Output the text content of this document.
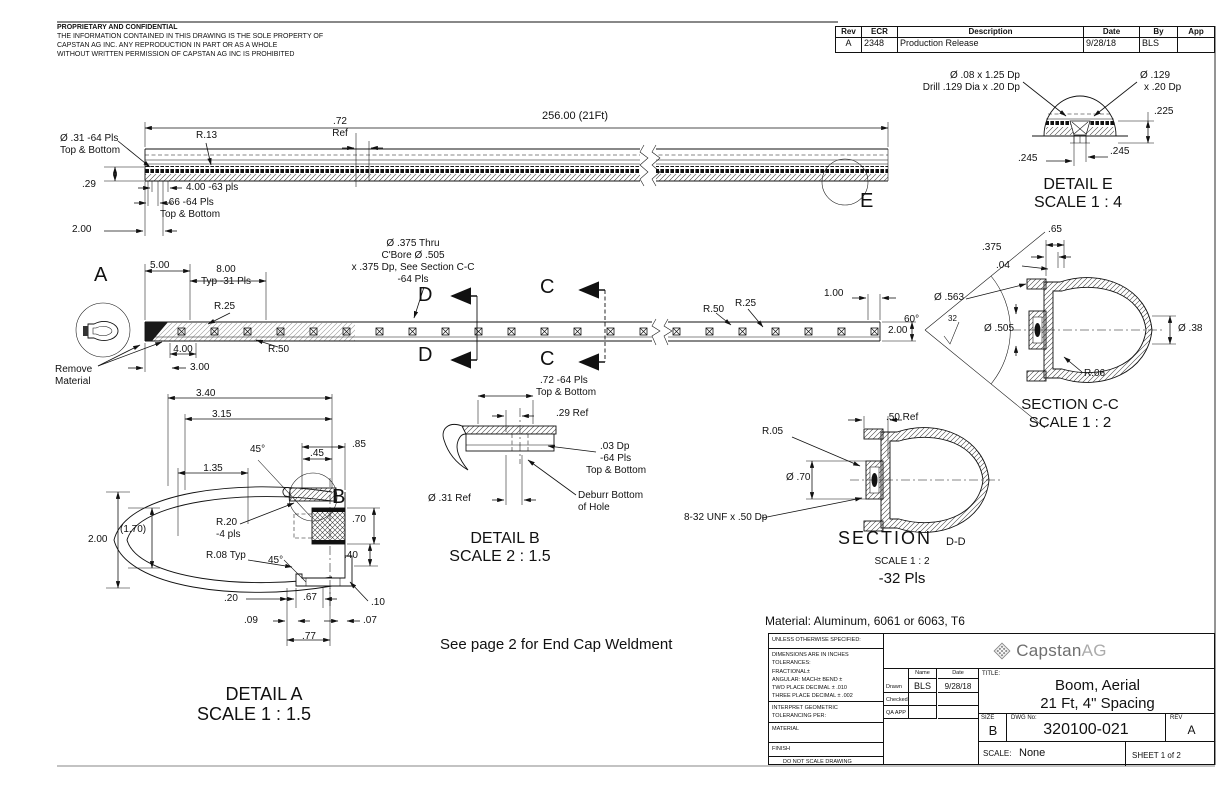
PROPRIETARY AND CONFIDENTIAL
THE INFORMATION CONTAINED IN THIS DRAWING IS THE SOLE PROPERTY OF
CAPSTAN AG INC. ANY REPRODUCTION IN PART OR AS A WHOLE
WITHOUT WRITTEN PERMISSION OF CAPSTAN AG INC IS PROHIBITED
Rev	ECR	Description	Date	By	App
A	2348	Production Release	9/28/18	BLS
256.00 (21Ft)
Ø .31 -64 Pls
Top & Bottom
R.13
.72
Ref
.29	4.00 -63 pls
.66 -64 Pls
Top & Bottom
2.00
E
A	5.00	8.00
Typ -31 Pls
R.25
R.50
4.00
3.00
Remove
Material
Ø .375 Thru
C'Bore Ø .505
x .375 Dp, See Section C-C
-64 Pls
D
D
C
C
R.50
R.25
1.00
2.00
.65
.375
.04
Ø .563
60°	32
Ø .505	Ø .38
R.06
SECTION C-C
SCALE 1 : 2
Ø .08 x 1.25 Dp
Drill .129 Dia x .20 Dp
Ø .129
x .20 Dp
.225
.245
.245
DETAIL E
SCALE 1 : 4
.72 -64 Pls
Top & Bottom
.29 Ref
.03 Dp
-64 Pls
Top & Bottom
Ø .31 Ref	Deburr Bottom
of Hole
DETAIL B
SCALE 2 : 1.5
.50 Ref
R.05
Ø .70
8-32 UNF x .50 Dp
SECTION D-D
SCALE 1 : 2
-32 Pls
3.40
3.15
45°	.85
.45
1.35
B
R.20
-4 pls
(1.70)
2.00
R.08 Typ 45°
.70
.40
.20	.67	.10
.09	.07
.77
DETAIL A
SCALE 1 : 1.5
See page 2 for End Cap Weldment
Material: Aluminum, 6061 or 6063, T6
UNLESS OTHERWISE SPECIFIED:
DIMENSIONS ARE IN INCHES
TOLERANCES:
FRACTIONAL±
ANGULAR: MACH± BEND ±
TWO PLACE DECIMAL ± .010
THREE PLACE DECIMAL ± .002
INTERPRET GEOMETRIC
TOLERANCING PER:
MATERIAL
FINISH
DO NOT SCALE DRAWING
Capstan AG
Name	Date
Drawn	BLS	9/28/18
Checked
QA APP
TITLE:
Boom, Aerial
21 Ft, 4" Spacing
SIZE
B
DWG No:
320100-021
REV
A
SCALE: None	SHEET 1 of 2
